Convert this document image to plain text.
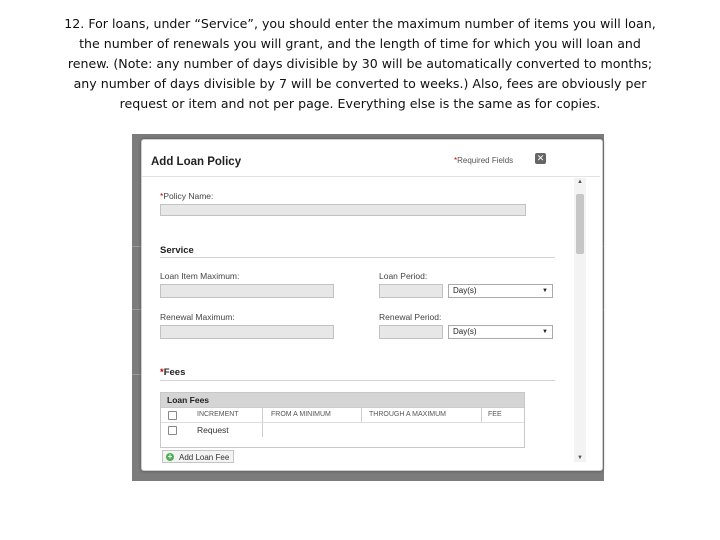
12. For loans, under “Service”, you should enter the maximum number of items you will loan,
the number of renewals you will grant, and the length of time for which you will loan and
renew. (Note: any number of days divisible by 30 will be automatically converted to months;
any number of days divisible by 7 will be converted to weeks.) Also, fees are obviously per
request or item and not per page. Everything else is the same as for copies.
Add Loan Policy	*Required Fields	✕
▲
▼
*Policy Name:
Service
Loan Item Maximum:	Loan Period:
Day(s)	▼
Renewal Maximum:	Renewal Period:
Day(s)	▼
*Fees
Loan Fees
INCREMENT	FROM A MINIMUM	THROUGH A MAXIMUM	FEE
Request
+ Add Loan Fee
